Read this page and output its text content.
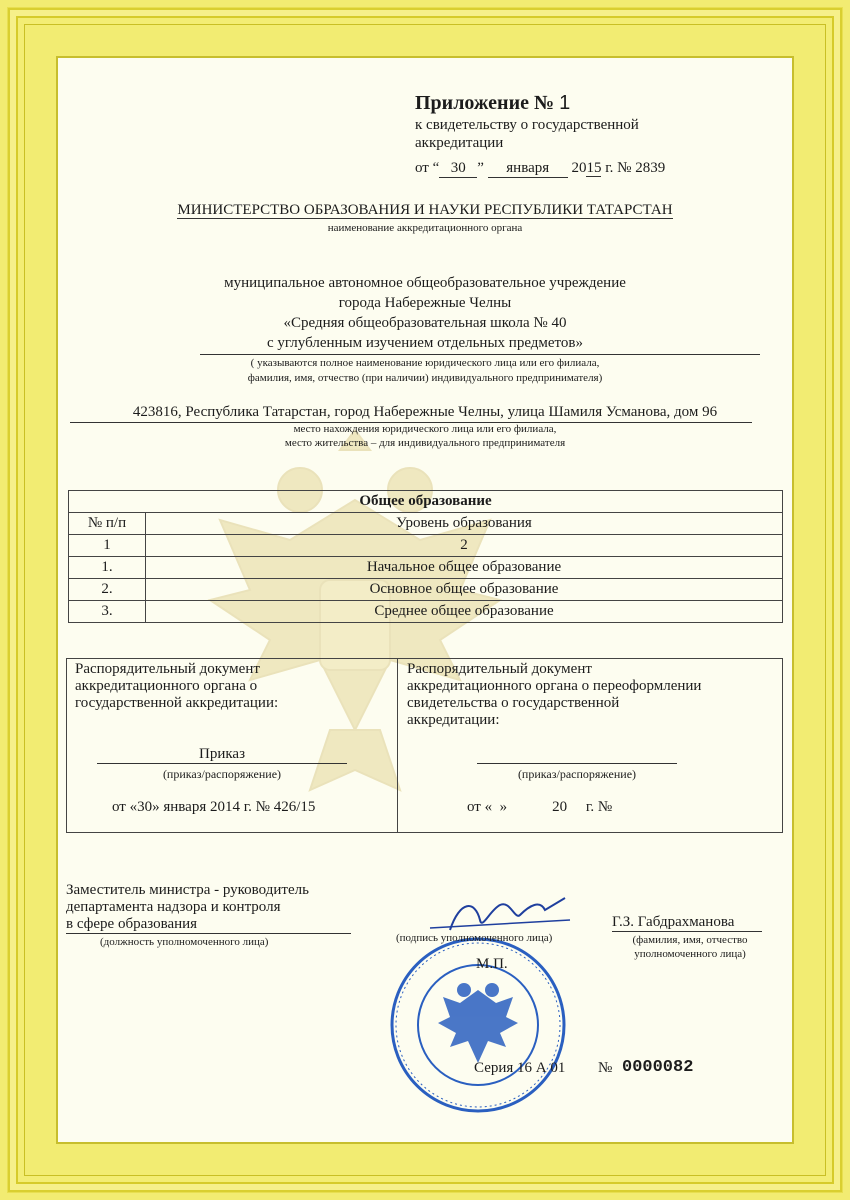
Приложение № 1
к свидетельству о государственной
аккредитации
от “ 30 ” января 2015 г. № 2839
МИНИСТЕРСТВО ОБРАЗОВАНИЯ И НАУКИ РЕСПУБЛИКИ ТАТАРСТАН
наименование аккредитационного органа
муниципальное автономное общеобразовательное учреждение
города Набережные Челны
«Средняя общеобразовательная школа № 40
с углубленным изучением отдельных предметов»
( указываются полное наименование юридического лица или его филиала,
фамилия, имя, отчество (при наличии) индивидуального предпринимателя)
423816, Республика Татарстан, город Набережные Челны, улица Шамиля Усманова, дом 96
место нахождения юридического лица или его филиала,
место жительства – для индивидуального предпринимателя
Общее образование	
№ п/п	Уровень образования
1	2
1.	Начальное общее образование
2.	Основное общее образование
3.	Среднее общее образование
Распорядительный документ
аккредитационного органа о
государственной аккредитации:
Приказ
(приказ/распоряжение)
от «30» января 2014 г. № 426/15
Распорядительный документ
аккредитационного органа о переоформлении
свидетельства о государственной
аккредитации:
(приказ/распоряжение)
от «  »            20     г. №
Заместитель министра - руководитель
департамента надзора и контроля
в сфере образования
(должность уполномоченного лица)	(подпись уполномоченного лица)
М.П.
Г.З. Габдрахманова
(фамилия, имя, отчество
уполномоченного лица)
Серия 16 А 01 № 0000082
